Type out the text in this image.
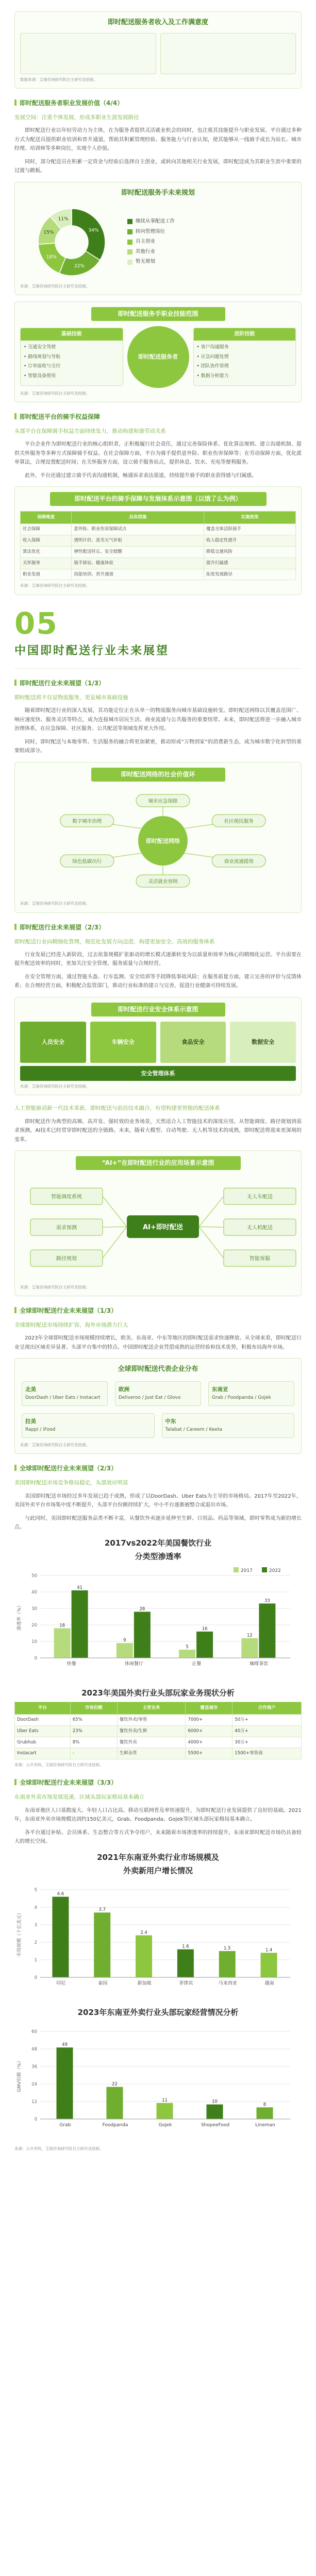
即时配送服务者收入及工作满意度
数据来源：艾瑞咨询研究院自主研究及绘制。
即时配送服务者职业发展价值（4/4）
发展空间：注重个体发展，形成多职业生涯发展路径
即时配送行业以年轻劳动力为主体，在为服务者提供灵活就业机会的同时，也注重其技能提升与职业发展。平台通过多种方式为配送员提供职业培训和晋升通道，帮助其积累管理经验、服务能力与行业认知，使其能够从一线骑手成长为站长、城市经理、培训师等多种岗位，实现个人价值。
同时，部分配送员在积累一定资金与经验后选择自主创业，或转向其他相关行业发展，即时配送成为其职业生涯中重要的过渡与跳板。
即时配送服务手未来规划
34%
22%
18%
15%
11%	继续从事配送工作
转向管理岗位
自主创业
其他行业
暂无规划
来源：艾瑞咨询研究院自主研究及绘制。
即时配送服务手职业技能范围
基础技能
• 交通安全驾驶
• 路线规划与导航
• 订单接收与交付
• 智能设备使用
即时配送服务者
进阶技能
• 客户沟通服务
• 应急问题处理
• 团队协作管理
• 数据分析能力
来源：艾瑞咨询研究院自主研究及绘制。
即时配送平台的骑手权益保障
头部平台在保障骑手权益方面持续发力，推动构建和谐劳动关系
平台企业作为即时配送行业的核心组织者，正积极履行社会责任，通过完善保险体系、优化算法规则、建立沟通机制、提供关怀服务等多种方式保障骑手权益。在社会保障方面，平台为骑手提供意外险、职业伤害保障等；在劳动保障方面，优化派单算法，合理设置配送时间；在关怀服务方面，设立骑手服务站点，提供休息、饮水、充电等便利服务。
此外，平台还通过建立骑手代表沟通机制，畅通诉求表达渠道，持续提升骑手的职业获得感与归属感。
即时配送平台的骑手保障与发展体系示意图（以饿了么为例）
保障维度	具体措施	实施效果
社会保障	意外险、职业伤害保障试点	覆盖全体活跃骑手
收入保障	透明计价、恶劣天气补贴	收入稳定性提升
算法优化	弹性配送时长、安全提醒	降低交通风险
关怀服务	骑手驿站、健康体检	提升归属感
职业发展	技能培训、晋升通道	拓宽发展路径
来源：艾瑞咨询研究院自主研究及绘制。
05
中国即时配送行业未来展望
即时配送行业未来展望（1/3）
即时配送将不仅是物流服务，更是城市基础设施
随着即时配送行业的深入发展，其功能定位正在从单一的物流服务向城市基础设施转变。即时配送网络以其覆盖范围广、响应速度快、服务灵活等特点，成为连接城市居民生活、商业流通与公共服务的重要纽带。未来，即时配送将进一步融入城市治理体系，在应急保障、社区服务、公共配送等领域发挥更大作用。
同时，即时配送与本地零售、生活服务的融合将更加紧密，推动形成“万物到家”的消费新生态，成为城市数字化转型的重要组成部分。
即时配送网络的社会价值环
即时配送网络
城市应急保障
社区便民服务
商业流通提效
灵活就业容纳
绿色低碳出行
数字城市治理
来源：艾瑞咨询研究院自主研究及绘制。
即时配送行业未来展望（2/3）
即时配送行业向精细化管理，规范化发展方向迈进，构建更加安全、高效的服务体系
行业发展已经进入新阶段，过去依靠规模扩张驱动的增长模式逐渐转变为以质量和效率为核心的精细化运营。平台需要在提升配送效率的同时，更加关注安全管理、服务质量与合规经营。
在安全管理方面，通过智能头盔、行车监测、安全培训等手段降低事故风险；在服务质量方面，建立完善的评价与反馈体系；在合规经营方面，积极配合监管部门，推动行业标准的建立与完善，促进行业健康可持续发展。
即时配送行业安全体系示意图
人员安全	车辆安全	食品安全	数据安全
安全管理体系
来源：艾瑞咨询研究院自主研究及绘制。
人工智能驱动新一代技术革新，即时配送与前沿技术融合，有望构建更智能的配送体系
即时配送作为典型的高频、高并发、强时效的业务场景，天然适合人工智能技术的深度应用。从智能调度、路径规划到需求预测，AI技术已经贯穿即时配送的全链路。未来，随着大模型、自动驾驶、无人机等技术的成熟，即时配送将迎来更深刻的变革。
“AI+”在即时配送行业的应用场景示意图
AI+即时配送
智能调度系统
需求预测
路径规划
无人车配送
无人机配送
智能客服
来源：艾瑞咨询研究院自主研究及绘制。
全球即时配送行业未来展望（1/3）
全球即时配送市场持续扩容，海外市场潜力巨大
2023年全球即时配送市场规模持续增长，欧美、东南亚、中东等地区的即时配送需求快速释放。从全球来看，即时配送行业呈现出区域差异显著、头部平台集中的特点。中国即时配送企业凭借成熟的运营经验和技术优势，积极布局海外市场。
全球即时配送代表企业分布
北美
DoorDash / Uber Eats / Instacart
欧洲
Deliveroo / Just Eat / Glovo
东南亚
Grab / Foodpanda / Gojek
拉美
Rappi / iFood
中东
Talabat / Careem / Keeta
来源：艾瑞咨询研究院自主研究及绘制。
全球即时配送行业未来展望（2/3）
美国即时配送市场竞争格局稳定，头部效应明显
美国即时配送市场经过多年发展已趋于成熟，形成了以DoorDash、Uber Eats为主导的市场格局。2017年至2022年，美国外卖平台市场集中度不断提升，头部平台份额持续扩大，中小平台逐渐被整合或退出市场。
与此同时，美国即时配送服务品类不断丰富，从餐饮外卖逐步延伸至生鲜、日用品、药品等领域，即时零售成为新的增长点。
2017vs2022年美国餐饮行业
分类型渗透率
0
10
20
30
40
50
渗透率（%）	18
41
快餐
9
28
休闲餐厅
5
16
正餐
12
33
咖啡茶饮
2017	2022
2023年美国外卖行业头部玩家业务现状分析
平台	市场份额	主营业务	覆盖城市	合作商户
DoorDash	65%	餐饮外卖/零售	7000+	50万+
Uber Eats	23%	餐饮外卖/生鲜	6000+	40万+
Grubhub	8%	餐饮外卖	4000+	30万+
Instacart	-	生鲜杂货	5500+	1500+零售商
来源：公开资料，艾瑞咨询研究院自主研究及绘制。
全球即时配送行业未来展望（3/3）
东南亚外卖市场发展迅速，区域头部玩家格局基本确立
东南亚地区人口基数庞大、年轻人口占比高、移动互联网普及率快速提升，为即时配送行业发展提供了良好的基础。2021年，东南亚外卖市场规模达到约150亿美元，Grab、Foodpanda、Gojek等区域头部玩家格局基本确立。
各平台通过补贴、会员体系、生态整合等方式争夺用户，未来随着市场渗透率的持续提升，东南亚即时配送市场仍具备较大的增长空间。
2021年东南亚外卖行业市场规模及
外卖新用户增长情况
0
1
2
3
4
5
市场规模（十亿美元）
4.6
印尼
3.7
泰国
2.4
新加坡
1.6
菲律宾
1.5
马来西亚
1.4
越南
2023年东南亚外卖行业头部玩家经营情况分析
0
12
24
36
48
60
GMV份额（%）
49
Grab
22
Foodpanda
11
Gojek
10
ShopeeFood
8
Lineman
来源：公开资料，艾瑞咨询研究院自主研究及绘制。
